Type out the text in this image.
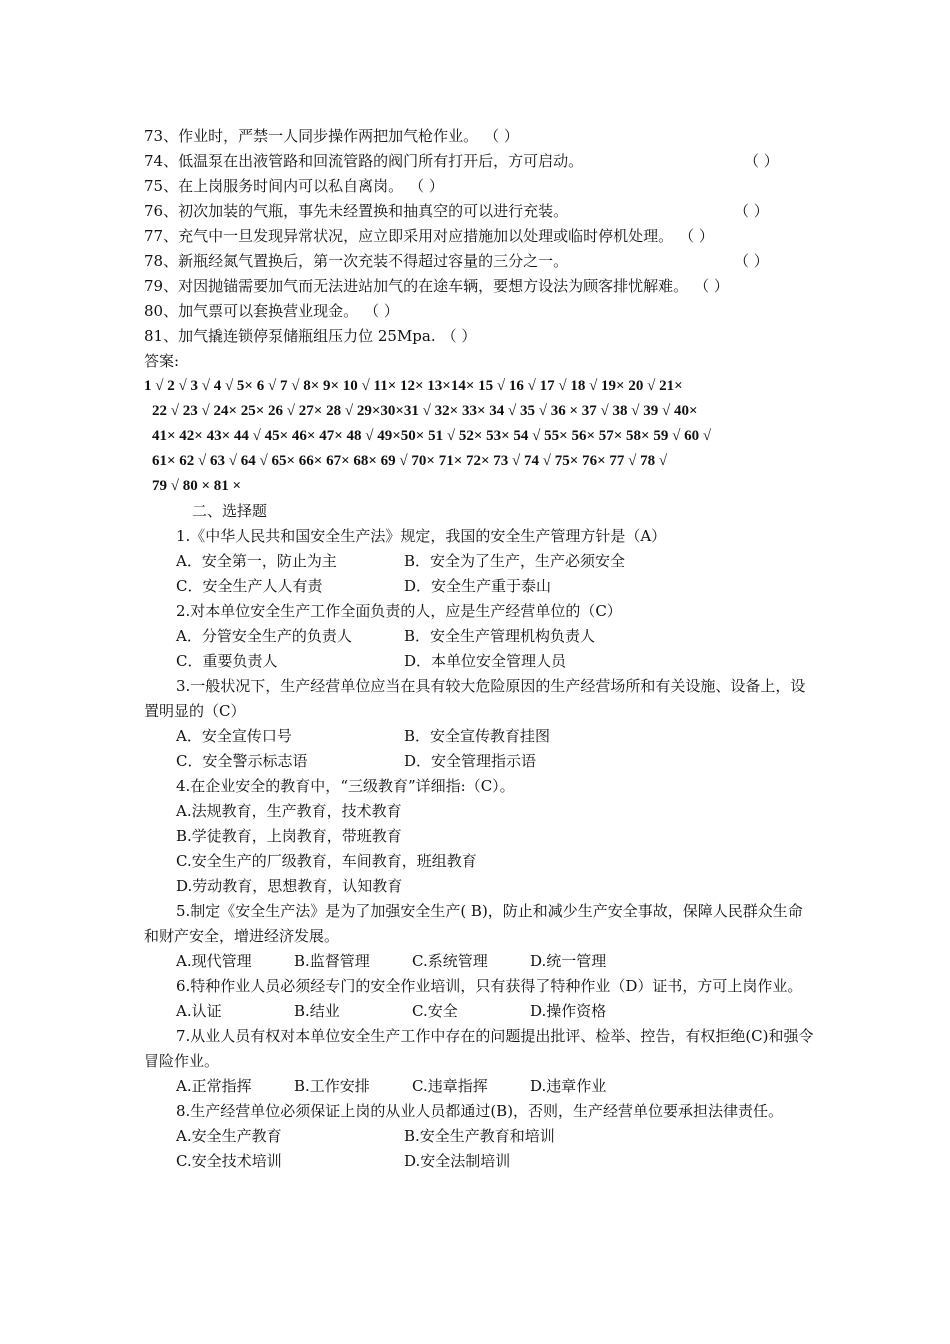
73、作业时，严禁一人同步操作两把加气枪作业。 （ ）
74、低温泵在出液管路和回流管路的阀门所有打开后，方可启动。	（ ）
75、在上岗服务时间内可以私自离岗。 （ ）
76、初次加装的气瓶，事先未经置换和抽真空的可以进行充装。	（ ）
77、充气中一旦发现异常状况，应立即采用对应措施加以处理或临时停机处理。 （ ）
78、新瓶经氮气置换后，第一次充装不得超过容量的三分之一。	（ ）
79、对因抛锚需要加气而无法进站加气的在途车辆，要想方设法为顾客排忧解难。 （ ）
80、加气票可以套换营业现金。 （ ）
81、加气撬连锁停泵储瓶组压力位 25Mpa. （ ）
答案:
1 √ 2 √ 3 √ 4 √ 5× 6 √ 7 √ 8× 9× 10 √ 11× 12× 13×14× 15 √ 16 √ 17 √ 18 √ 19× 20 √ 21×
22 √ 23 √ 24× 25× 26 √ 27× 28 √ 29×30×31 √ 32× 33× 34 √ 35 √ 36 × 37 √ 38 √ 39 √ 40×
41× 42× 43× 44 √ 45× 46× 47× 48 √ 49×50× 51 √ 52× 53× 54 √ 55× 56× 57× 58× 59 √ 60 √
61× 62 √ 63 √ 64 √ 65× 66× 67× 68× 69 √ 70× 71× 72× 73 √ 74 √ 75× 76× 77 √ 78 √
79 √ 80 × 81 ×
二、选择题
1.《中华人民共和国安全生产法》规定，我国的安全生产管理方针是（A）
A．安全第一，防止为主	B．安全为了生产，生产必须安全
C．安全生产人人有责	D．安全生产重于泰山
2.对本单位安全生产工作全面负责的人，应是生产经营单位的（C）
A．分管安全生产的负责人	B．安全生产管理机构负责人
C．重要负责人	D．本单位安全管理人员
3.一般状况下，生产经营单位应当在具有较大危险原因的生产经营场所和有关设施、设备上，设置明显的（C）
A．安全宣传口号	B．安全宣传教育挂图
C．安全警示标志语	D．安全管理指示语
4.在企业安全的教育中，“三级教育”详细指:（C）。
A.法规教育，生产教育，技术教育
B.学徒教育，上岗教育，带班教育
C.安全生产的厂级教育，车间教育，班组教育
D.劳动教育，思想教育，认知教育
5.制定《安全生产法》是为了加强安全生产( B)，防止和减少生产安全事故，保障人民群众生命和财产安全，增进经济发展。
A.现代管理	B.监督管理	C.系统管理	D.统一管理
6.特种作业人员必须经专门的安全作业培训，只有获得了特种作业（D）证书，方可上岗作业。
A.认证	B.结业	C.安全	D.操作资格
7.从业人员有权对本单位安全生产工作中存在的问题提出批评、检举、控告，有权拒绝(C)和强令冒险作业。
A.正常指挥	B.工作安排	C.违章指挥	D.违章作业
8.生产经营单位必须保证上岗的从业人员都通过(B)，否则，生产经营单位要承担法律责任。
A.安全生产教育	B.安全生产教育和培训
C.安全技术培训	D.安全法制培训
